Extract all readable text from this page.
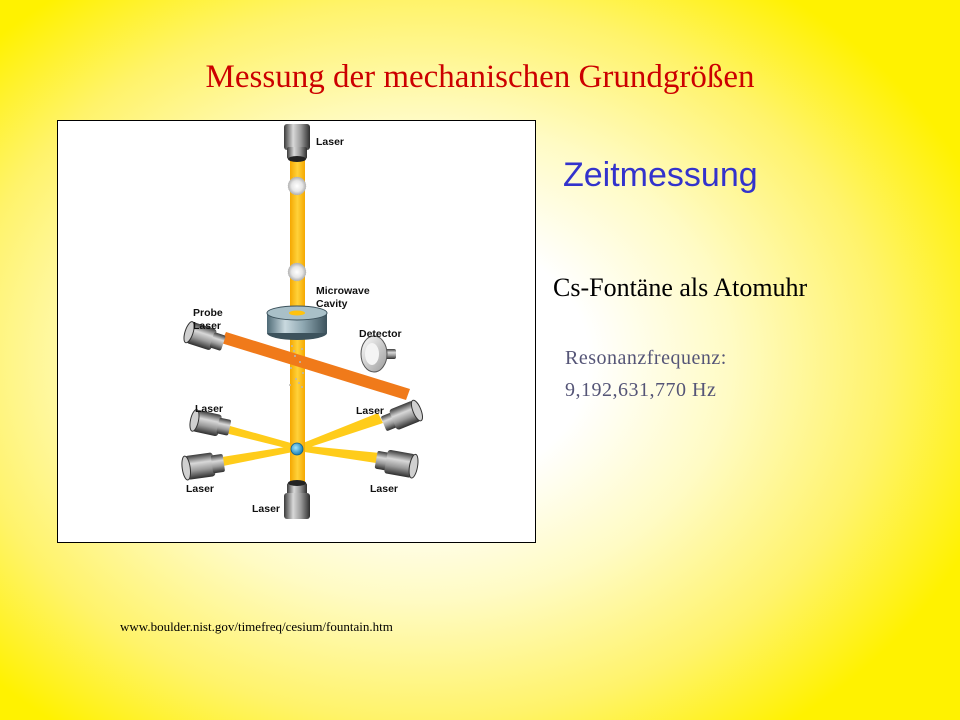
Messung der mechanischen Grundgrößen
Laser
Microwave
Cavity
Probe
Laser
Detector
Laser	Laser
Laser	Laser
Laser
Zeitmessung
Cs-Fontäne als Atomuhr
Resonanzfrequenz:
9,192,631,770 Hz
www.boulder.nist.gov/timefreq/cesium/fountain.htm
